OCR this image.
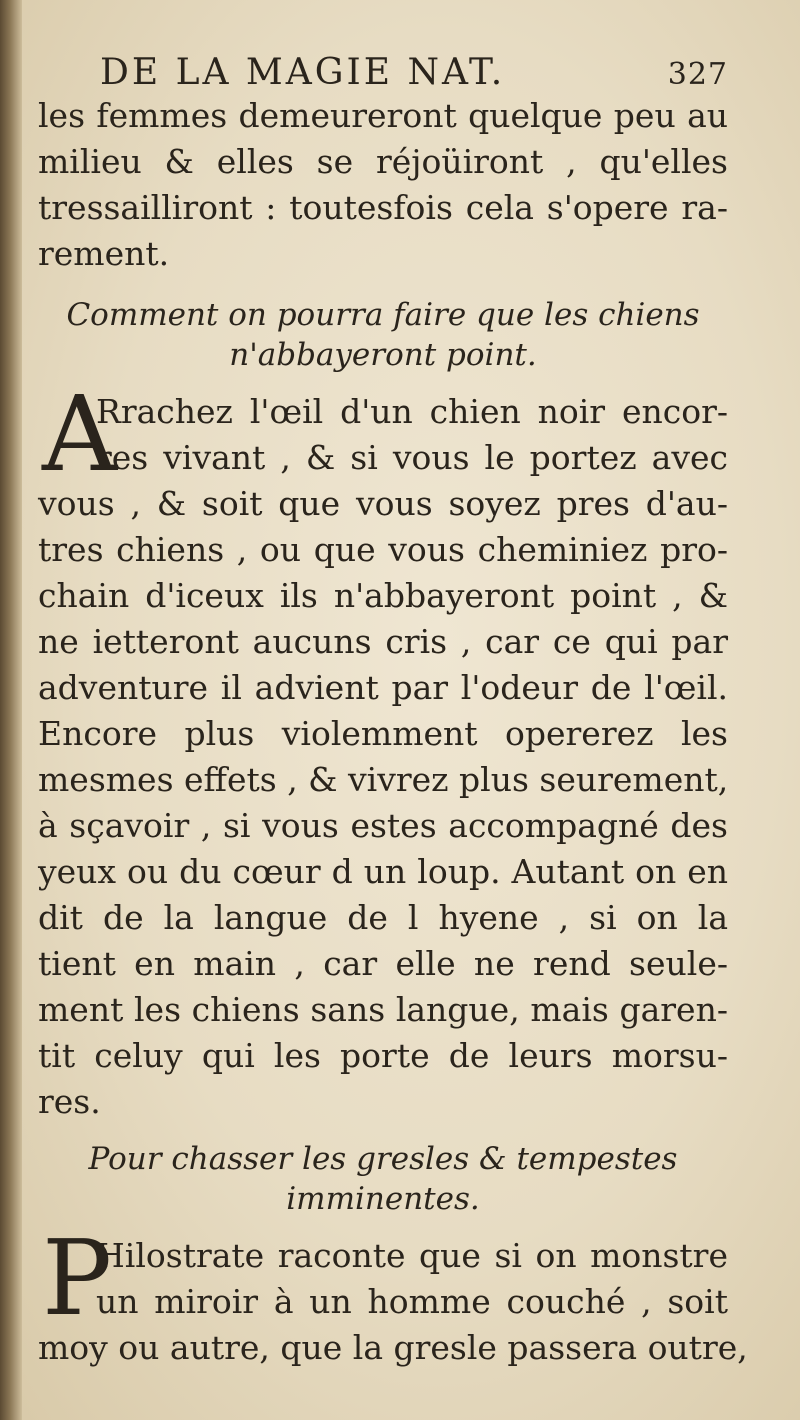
DE LA MAGIE NAT.	327
les femmes demeureront quelque peu au
milieu & elles se réjoüiront , qu'elles
tressailliront : toutesfois cela s'opere ra-
rement.
Comment on pourra faire que les chiens
n'abbayeront point.
A
Rrachez l'œil d'un chien noir encor-
res vivant , & si vous le portez avec
vous , & soit que vous soyez pres d'au-
tres chiens , ou que vous cheminiez pro-
chain d'iceux ils n'abbayeront point , &
ne ietteront aucuns cris , car ce qui par
adventure il advient par l'odeur de l'œil.
Encore plus violemment opererez les
mesmes effets , & vivrez plus seurement,
à sçavoir , si vous estes accompagné des
yeux ou du cœur d un loup. Autant on en
dit de la langue de l hyene , si on la
tient en main , car elle ne rend seule-
ment les chiens sans langue, mais garen-
tit celuy qui les porte de leurs morsu-
res.
Pour chasser les gresles & tempestes
imminentes.
P
Hilostrate raconte que si on monstre
un miroir à un homme couché , soit
moy ou autre, que la gresle passera outre,
